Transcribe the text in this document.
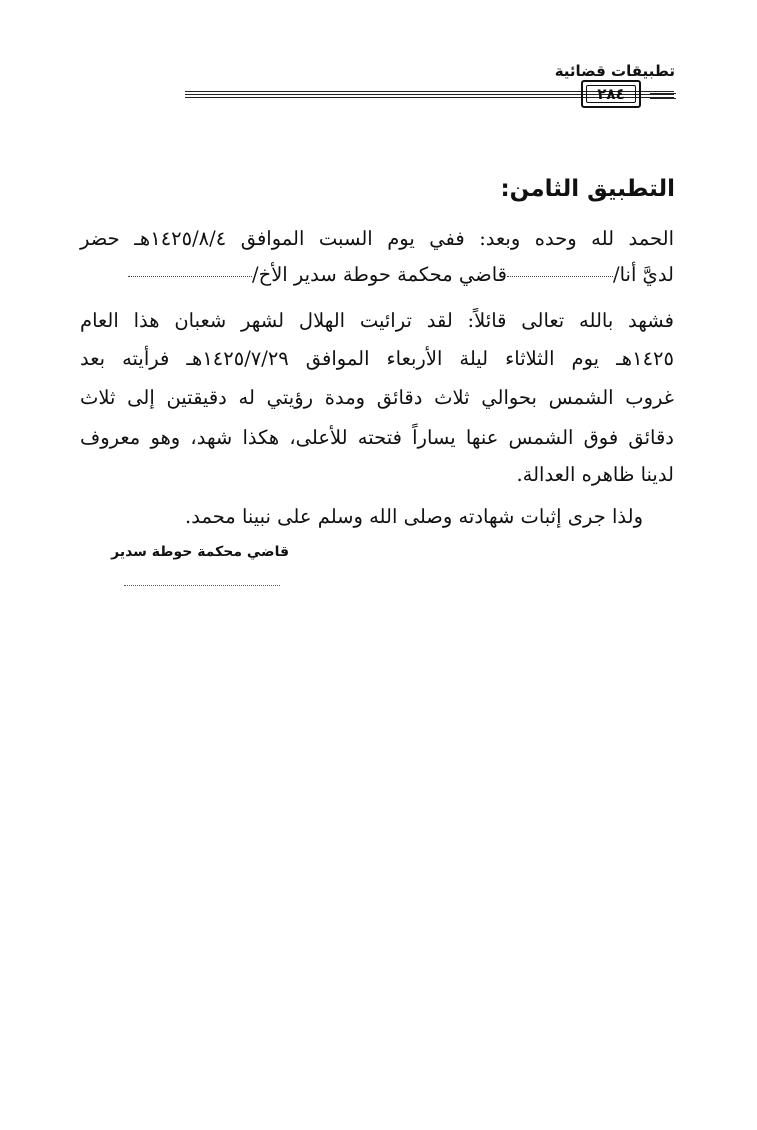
تطبيقات قضائية
٢٨٤
التطبيق الثامن:
الحمد لله وحده وبعد: ففي يوم السبت الموافق ١٤٢٥/٨/٤هـ حضر
لديَّ أنا/قاضي محكمة حوطة سدير الأخ/
فشهد بالله تعالى قائلاً: لقد ترائيت الهلال لشهر شعبان هذا العام
١٤٢٥هـ يوم الثلاثاء ليلة الأربعاء الموافق ١٤٢٥/٧/٢٩هـ فرأيته بعد
غروب الشمس بحوالي ثلاث دقائق ومدة رؤيتي له دقيقتين إلى ثلاث
دقائق فوق الشمس عنها يساراً فتحته للأعلى، هكذا شهد، وهو معروف
لدينا ظاهره العدالة.
ولذا جرى إثبات شهادته وصلى الله وسلم على نبينا محمد.
قاضي محكمة حوطة سدير
